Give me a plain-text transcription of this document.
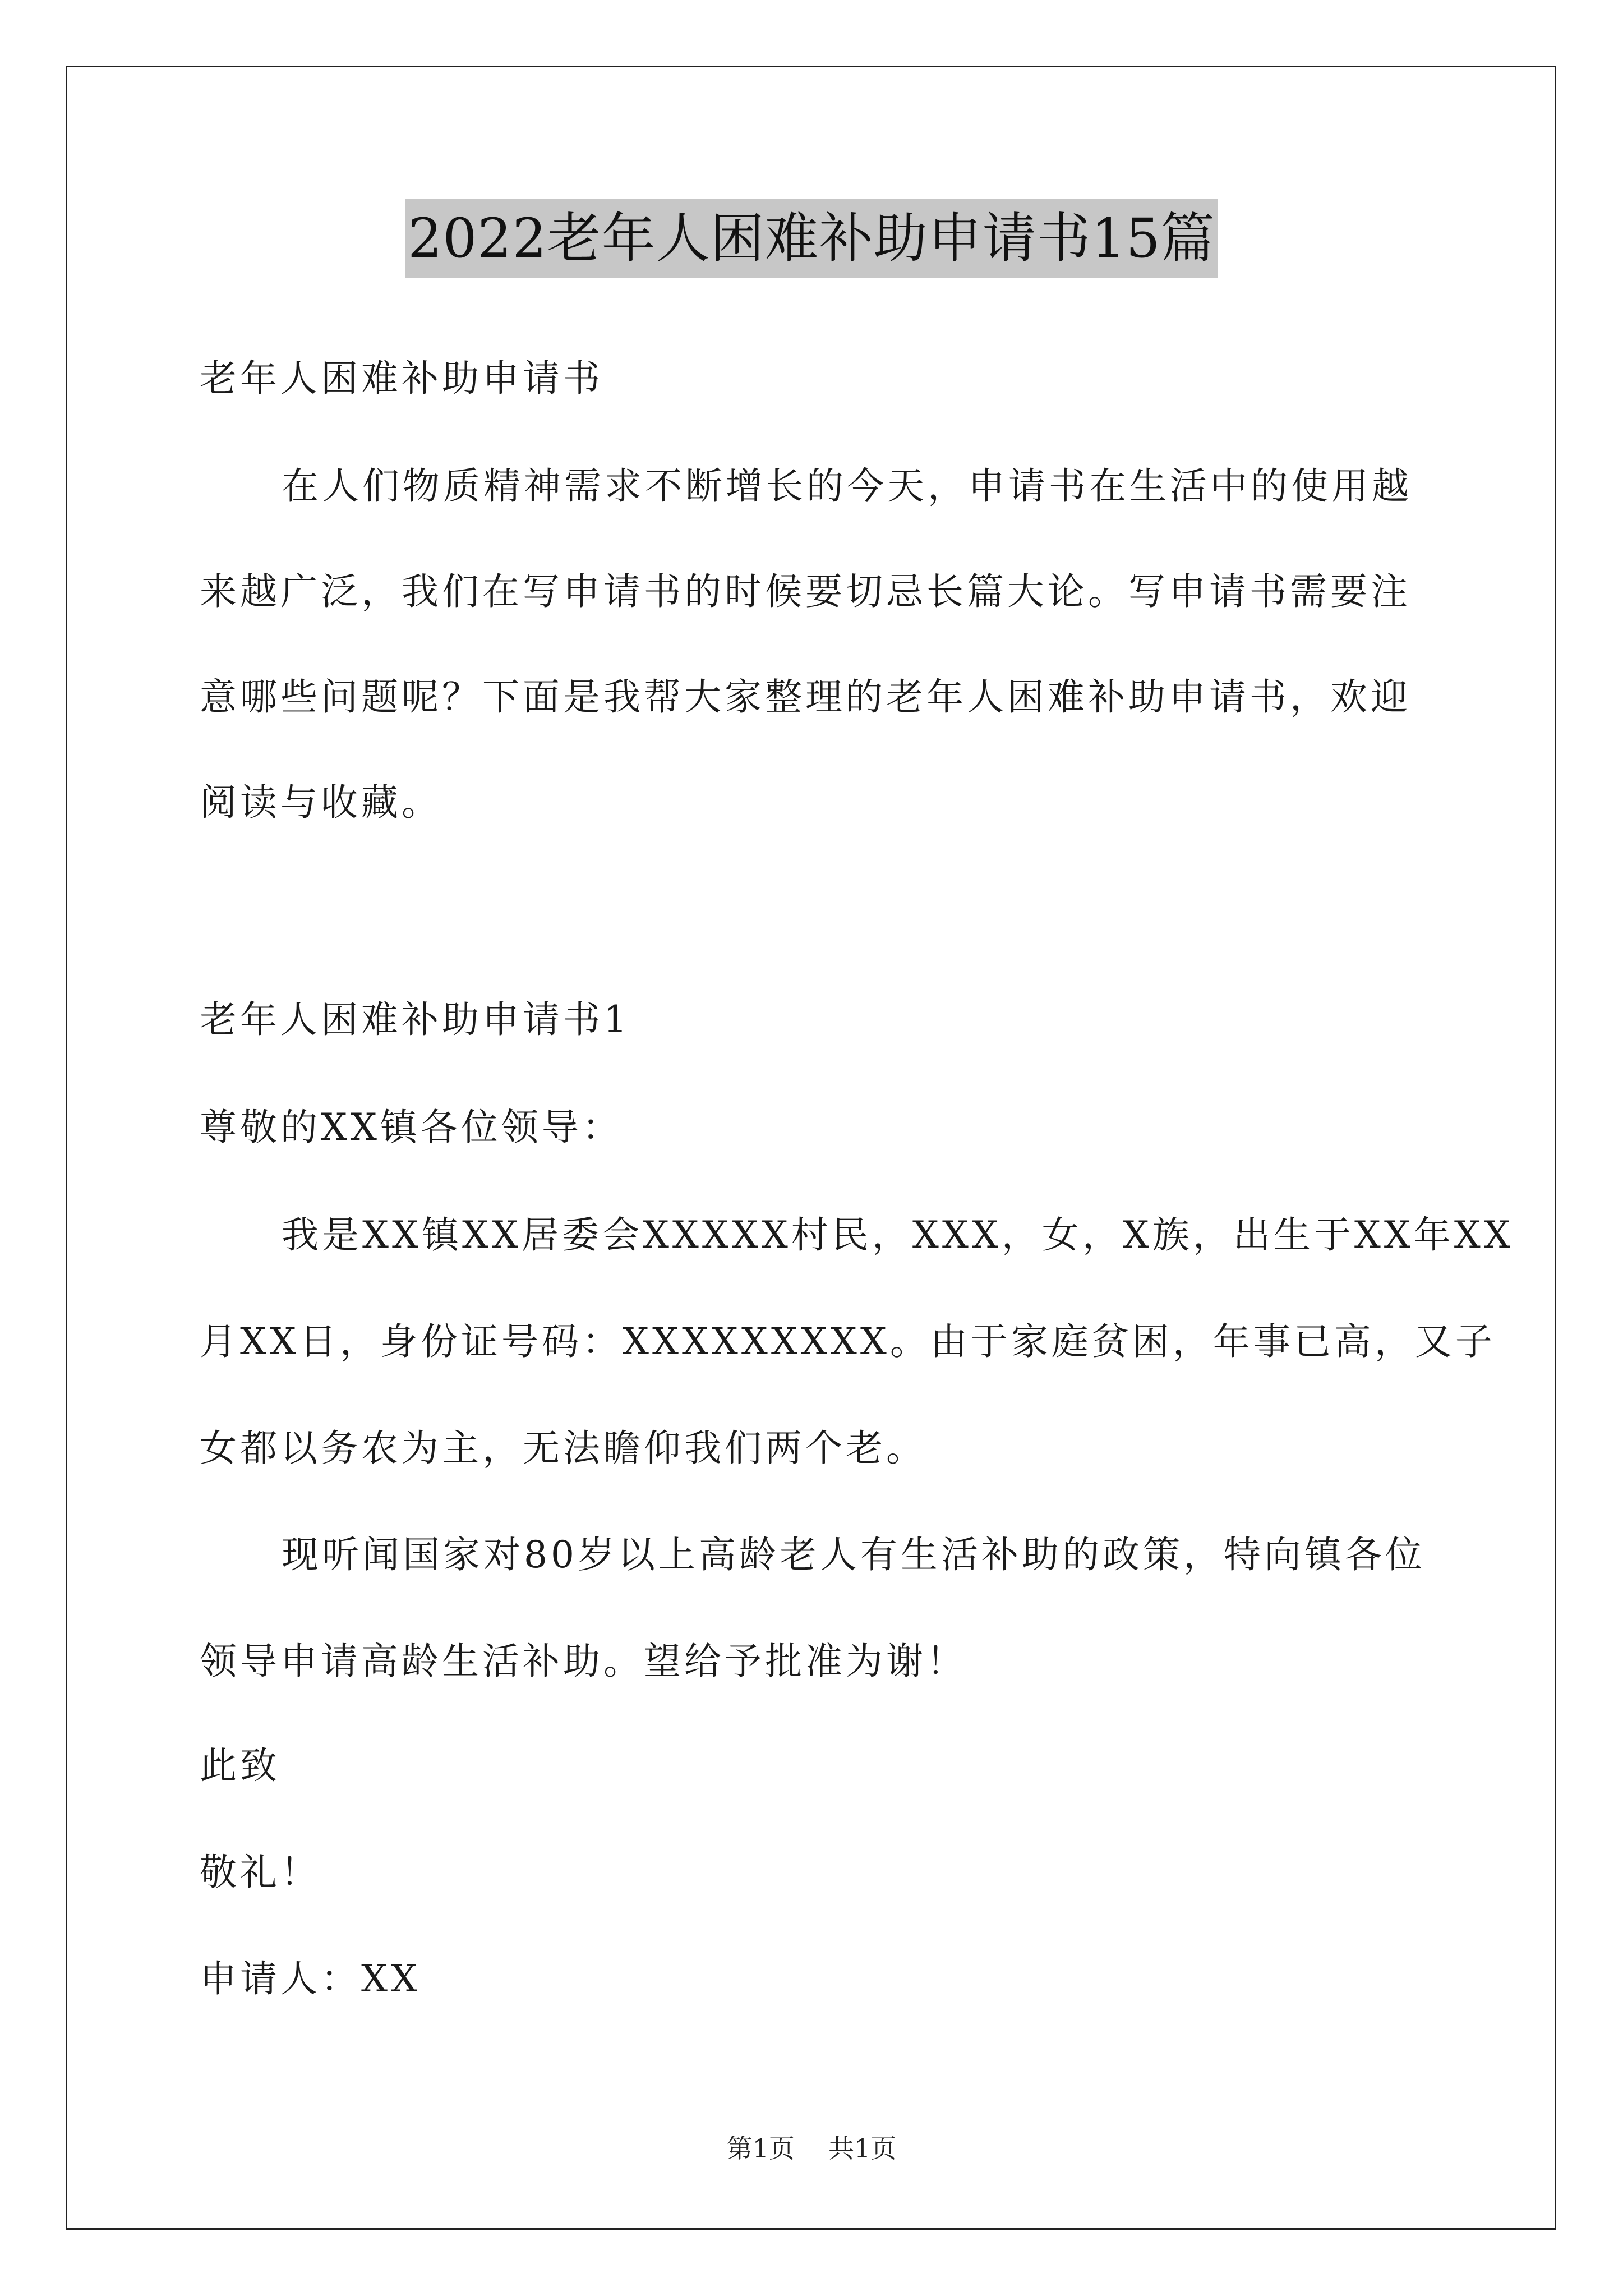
2022老年人困难补助申请书15篇
老年人困难补助申请书
在人们物质精神需求不断增长的今天，申请书在生活中的使用越
来越广泛，我们在写申请书的时候要切忌长篇大论。写申请书需要注
意哪些问题呢？下面是我帮大家整理的老年人困难补助申请书，欢迎
阅读与收藏。
老年人困难补助申请书1
尊敬的XX镇各位领导：
我是XX镇XX居委会XXXXX村民，XXX，女，X族，出生于XX年XX
月XX日，身份证号码：XXXXXXXXX。由于家庭贫困，年事已高，又子
女都以务农为主，无法瞻仰我们两个老。
现听闻国家对80岁以上高龄老人有生活补助的政策，特向镇各位
领导申请高龄生活补助。望给予批准为谢！
此致
敬礼！
申请人：XX
第1页 共1页
